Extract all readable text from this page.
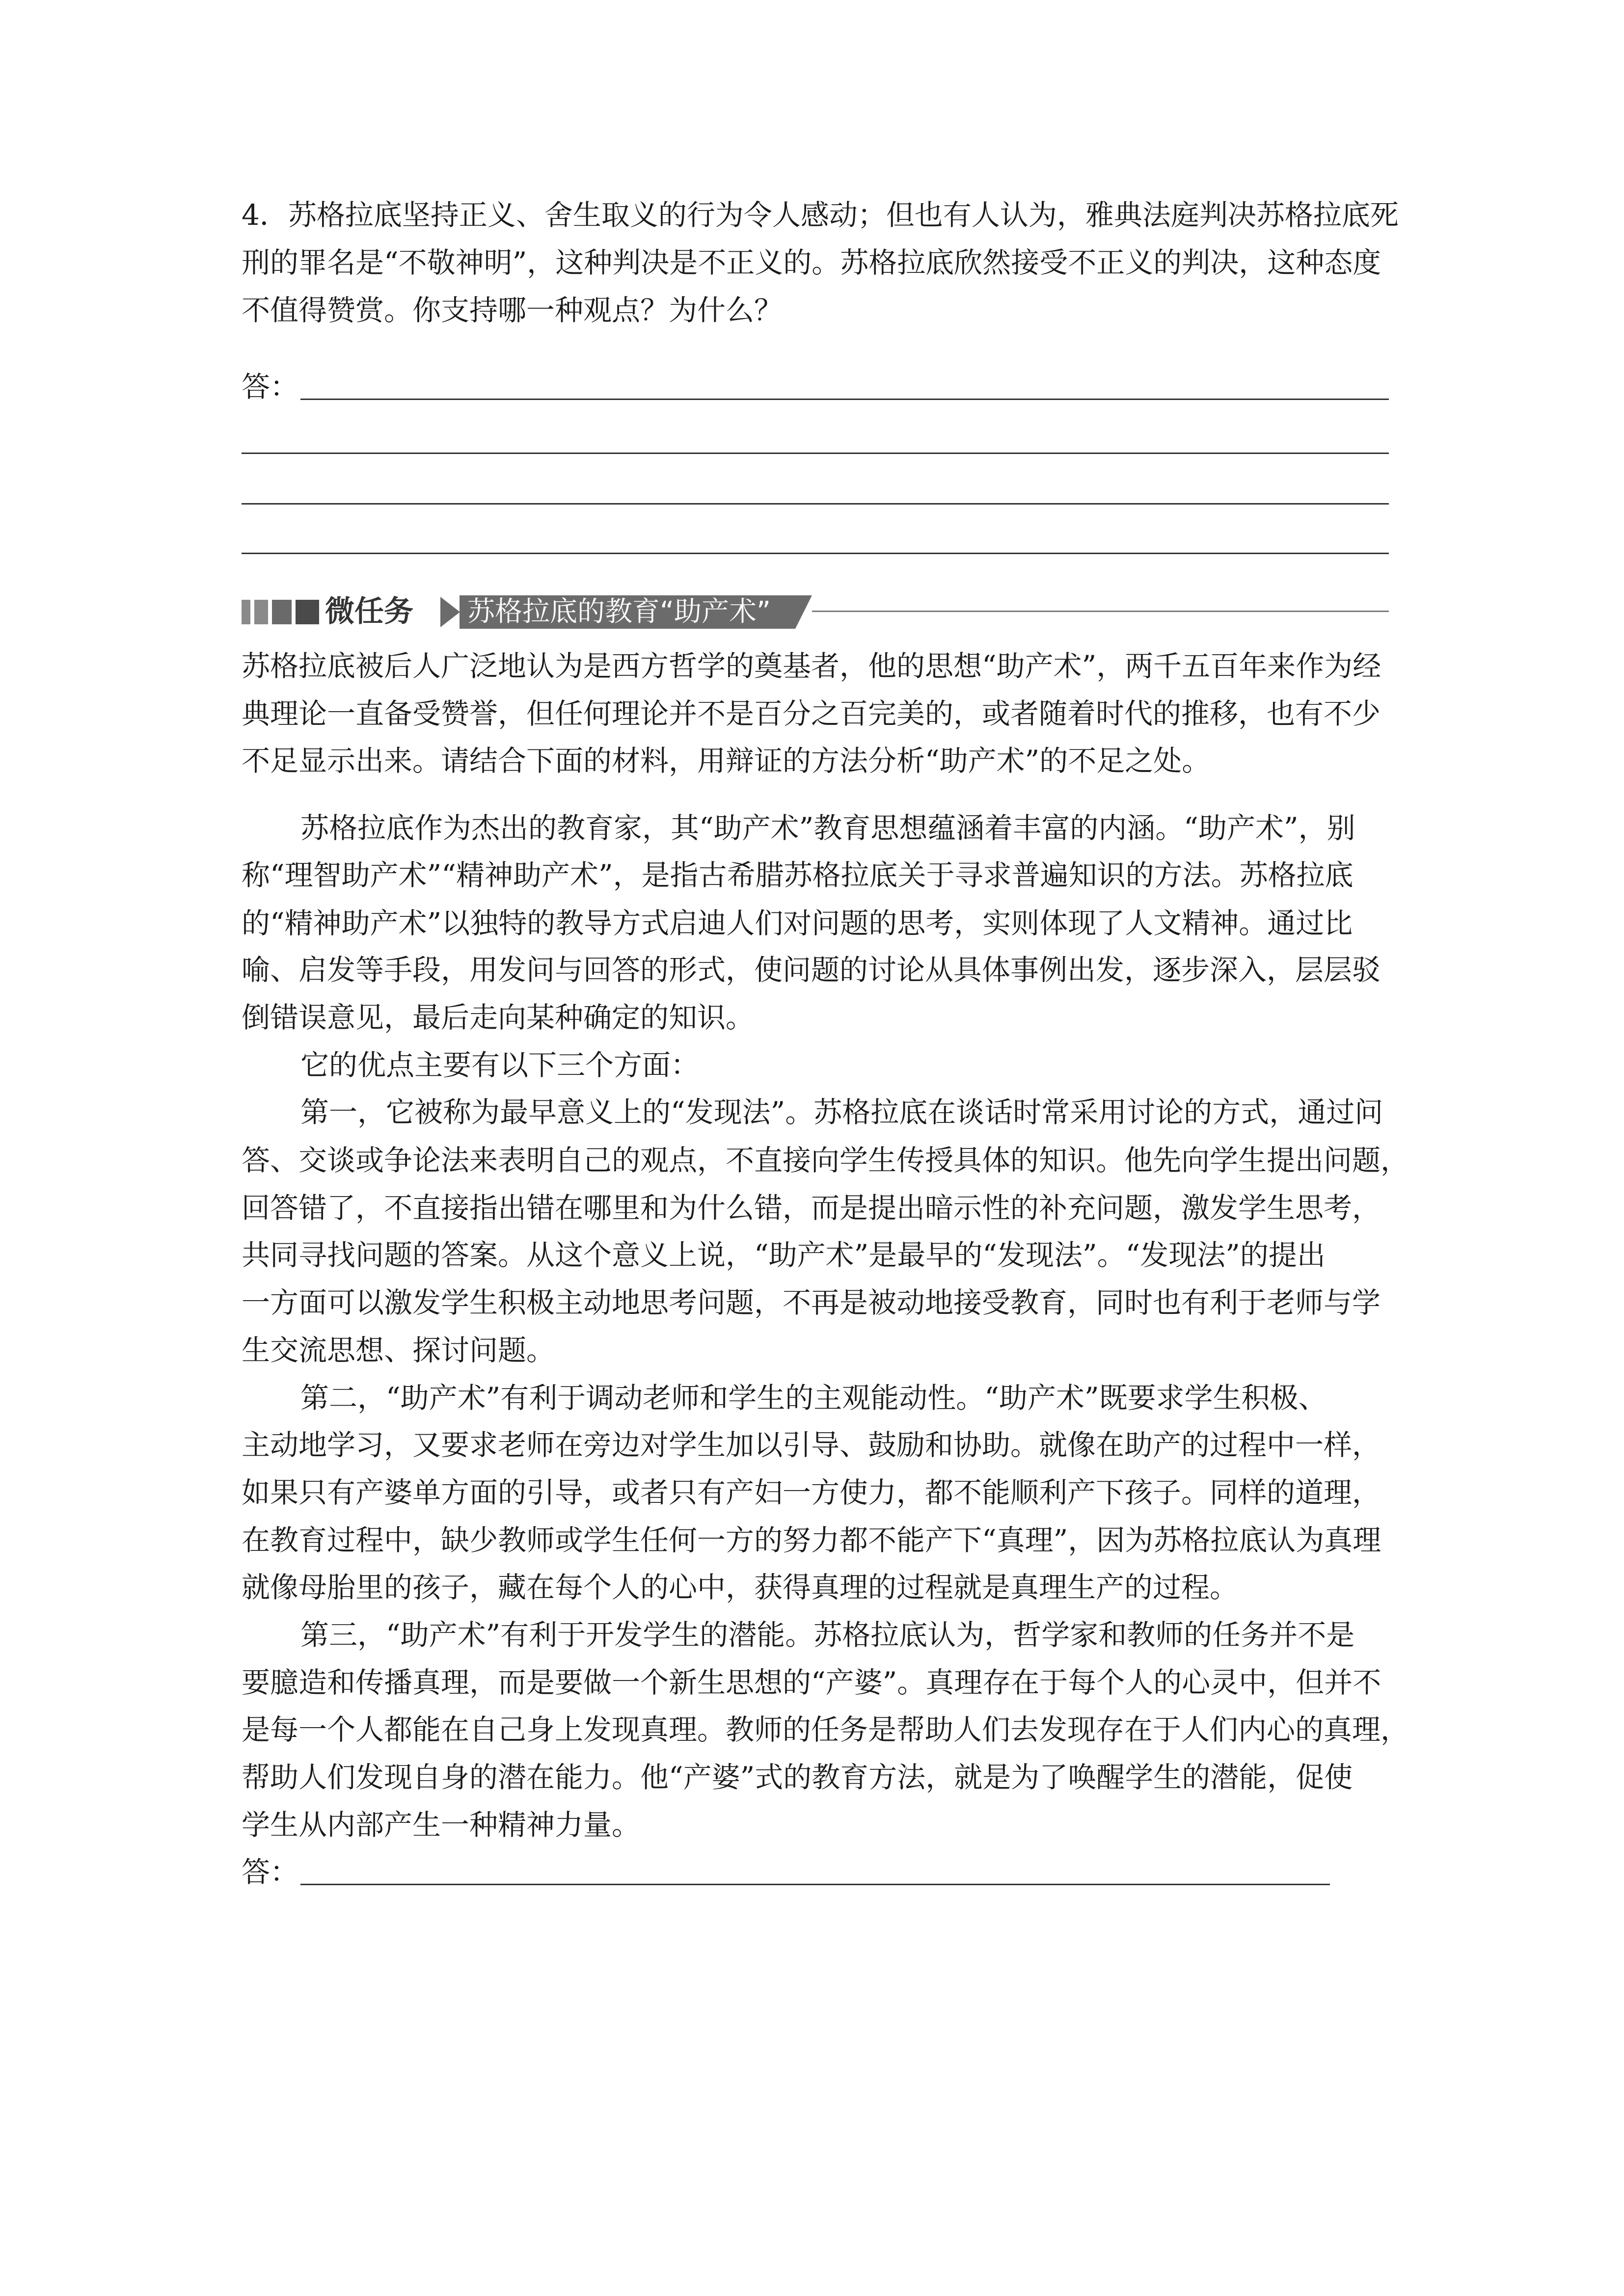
4．苏格拉底坚持正义、舍生取义的行为令人感动；但也有人认为，雅典法庭判决苏格拉底死
刑的罪名是“不敬神明”，这种判决是不正义的。苏格拉底欣然接受不正义的判决，这种态度
不值得赞赏。你支持哪一种观点？为什么？
答：
微任务 苏格拉底的教育“助产术”
苏格拉底被后人广泛地认为是西方哲学的奠基者，他的思想“助产术”，两千五百年来作为经
典理论一直备受赞誉，但任何理论并不是百分之百完美的，或者随着时代的推移，也有不少
不足显示出来。请结合下面的材料，用辩证的方法分析“助产术”的不足之处。
苏格拉底作为杰出的教育家，其“助产术”教育思想蕴涵着丰富的内涵。“助产术”，别
称“理智助产术”“精神助产术”，是指古希腊苏格拉底关于寻求普遍知识的方法。苏格拉底
的“精神助产术”以独特的教导方式启迪人们对问题的思考，实则体现了人文精神。通过比
喻、启发等手段，用发问与回答的形式，使问题的讨论从具体事例出发，逐步深入，层层驳
倒错误意见，最后走向某种确定的知识。
它的优点主要有以下三个方面：
第一，它被称为最早意义上的“发现法”。苏格拉底在谈话时常采用讨论的方式，通过问
答、交谈或争论法来表明自己的观点，不直接向学生传授具体的知识。他先向学生提出问题，
回答错了，不直接指出错在哪里和为什么错，而是提出暗示性的补充问题，激发学生思考，
共同寻找问题的答案。从这个意义上说，“助产术”是最早的“发现法”。“发现法”的提出
一方面可以激发学生积极主动地思考问题，不再是被动地接受教育，同时也有利于老师与学
生交流思想、探讨问题。
第二，“助产术”有利于调动老师和学生的主观能动性。“助产术”既要求学生积极、
主动地学习，又要求老师在旁边对学生加以引导、鼓励和协助。就像在助产的过程中一样，
如果只有产婆单方面的引导，或者只有产妇一方使力，都不能顺利产下孩子。同样的道理，
在教育过程中，缺少教师或学生任何一方的努力都不能产下“真理”，因为苏格拉底认为真理
就像母胎里的孩子，藏在每个人的心中，获得真理的过程就是真理生产的过程。
第三，“助产术”有利于开发学生的潜能。苏格拉底认为，哲学家和教师的任务并不是
要臆造和传播真理，而是要做一个新生思想的“产婆”。真理存在于每个人的心灵中，但并不
是每一个人都能在自己身上发现真理。教师的任务是帮助人们去发现存在于人们内心的真理，
帮助人们发现自身的潜在能力。他“产婆”式的教育方法，就是为了唤醒学生的潜能，促使
学生从内部产生一种精神力量。
答：
